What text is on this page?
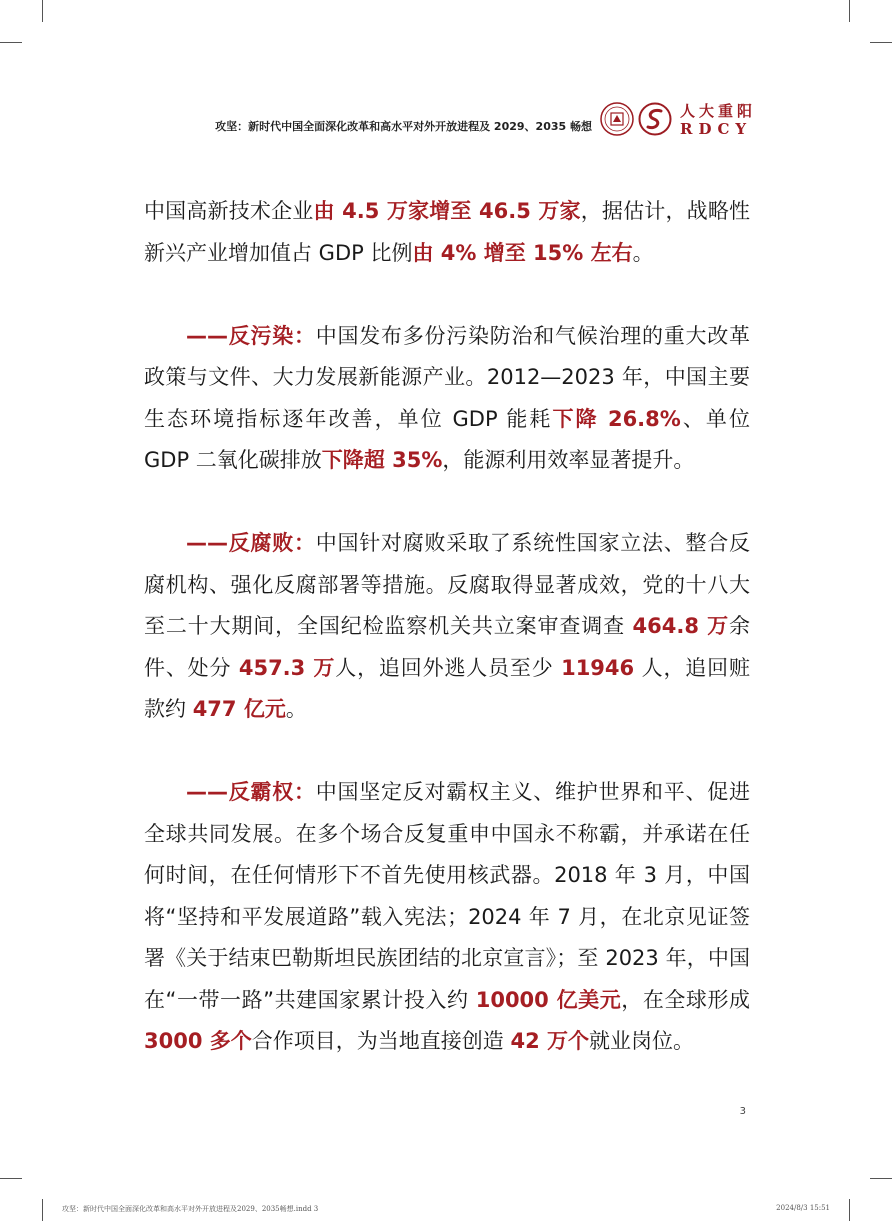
攻坚：新时代中国全面深化改革和高水平对外开放进程及 2029、2035 畅想
人大重阳
RDCY

中国高新技术企业由 4.5 万家增至 46.5 万家，据估计，战略性新兴产业增加值占 GDP 比例由 4% 增至 15% 左右。

——反污染：中国发布多份污染防治和气候治理的重大改革政策与文件、大力发展新能源产业。2012—2023 年，中国主要生态环境指标逐年改善，单位 GDP 能耗下降 26.8%、单位 GDP 二氧化碳排放下降超 35%，能源利用效率显著提升。

——反腐败：中国针对腐败采取了系统性国家立法、整合反腐机构、强化反腐部署等措施。反腐取得显著成效，党的十八大至二十大期间，全国纪检监察机关共立案审查调查 464.8 万余件、处分 457.3 万人，追回外逃人员至少 11946 人，追回赃款约 477 亿元。

——反霸权：中国坚定反对霸权主义、维护世界和平、促进全球共同发展。在多个场合反复重申中国永不称霸，并承诺在任何时间，在任何情形下不首先使用核武器。2018 年 3 月，中国将“坚持和平发展道路”载入宪法；2024 年 7 月，在北京见证签署《关于结束巴勒斯坦民族团结的北京宣言》；至 2023 年，中国在“一带一路”共建国家累计投入约 10000 亿美元，在全球形成 3000 多个合作项目，为当地直接创造 42 万个就业岗位。

3
攻坚：新时代中国全面深化改革和高水平对外开放进程及2029、2035畅想.indd 3	2024/8/3 15:51
